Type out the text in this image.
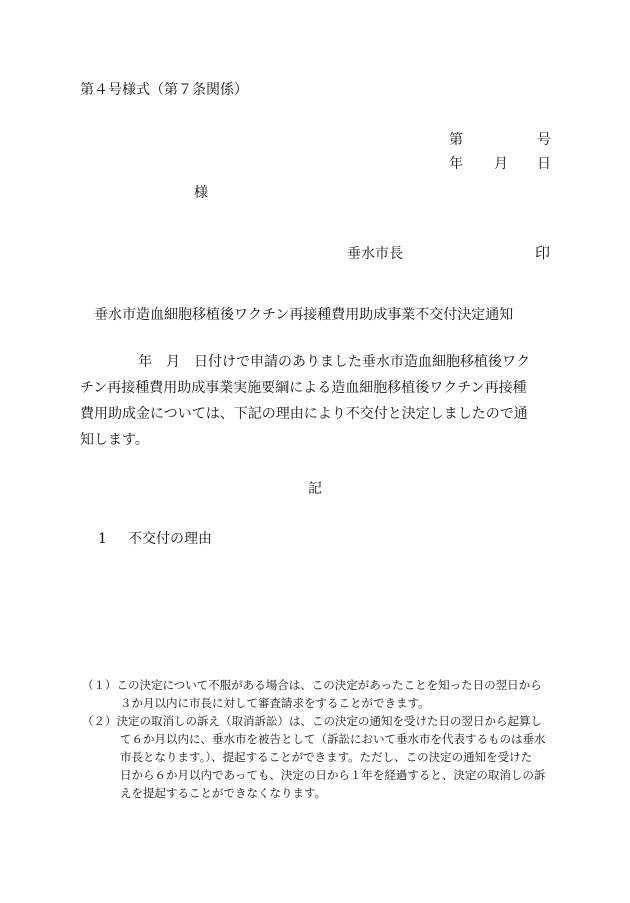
第４号様式（第７条関係）
第	号
年 月 日
様
垂水市長	印
垂水市造血細胞移植後ワクチン再接種費用助成事業不交付決定通知
年　月　日付けで申請のありました垂水市造血細胞移植後ワク
チン再接種費用助成事業実施要綱による造血細胞移植後ワクチン再接種
費用助成金については、下記の理由により不交付と決定しましたので通
知します。
記
1 不交付の理由
（１）この決定について不服がある場合は、この決定があったことを知った日の翌日から
３か月以内に市長に対して審査請求をすることができます。
（２）決定の取消しの訴え（取消訴訟）は、この決定の通知を受けた日の翌日から起算し
て６か月以内に、垂水市を被告として（訴訟において垂水市を代表するものは垂水
市長となります。）、提起することができます。ただし、この決定の通知を受けた
日から６か月以内であっても、決定の日から１年を経過すると、決定の取消しの訴
えを提起することができなくなります。
